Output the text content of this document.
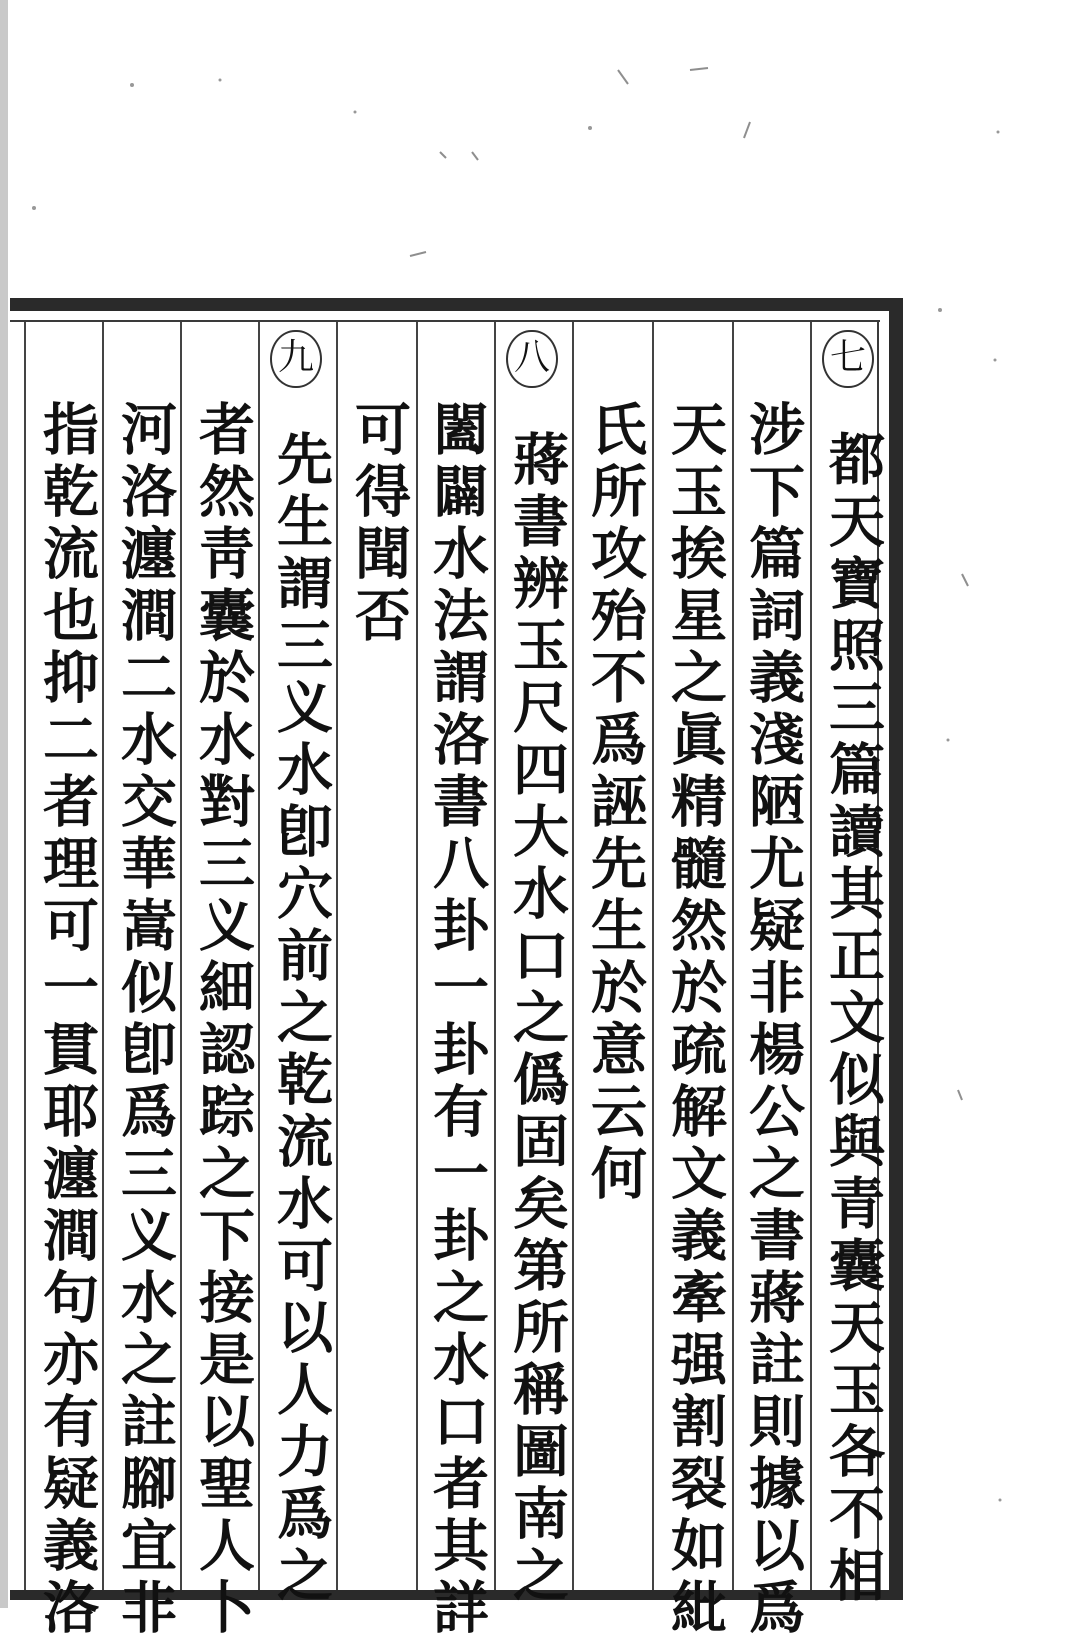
七
八
九
都天寶照三篇讀其正文似與青囊天玉各不相
涉下篇詞義淺陋尤疑非楊公之書蔣註則據以爲
天玉挨星之眞精髓然於疏解文義牽强割裂如紕
氏所攻殆不爲誣先生於意云何
蔣書辨玉尺四大水口之僞固矣第所稱圖南之
闔闢水法謂洛書八卦一卦有一卦之水口者其詳
可得聞否
先生謂三义水卽穴前之乾流水可以人力爲之
者然靑囊於水對三义細認踪之下接是以聖人卜
河洛瀍澗二水交華嵩似卽爲三义水之註腳宜非
指乾流也抑二者理可一貫耶瀍澗句亦有疑義洛
